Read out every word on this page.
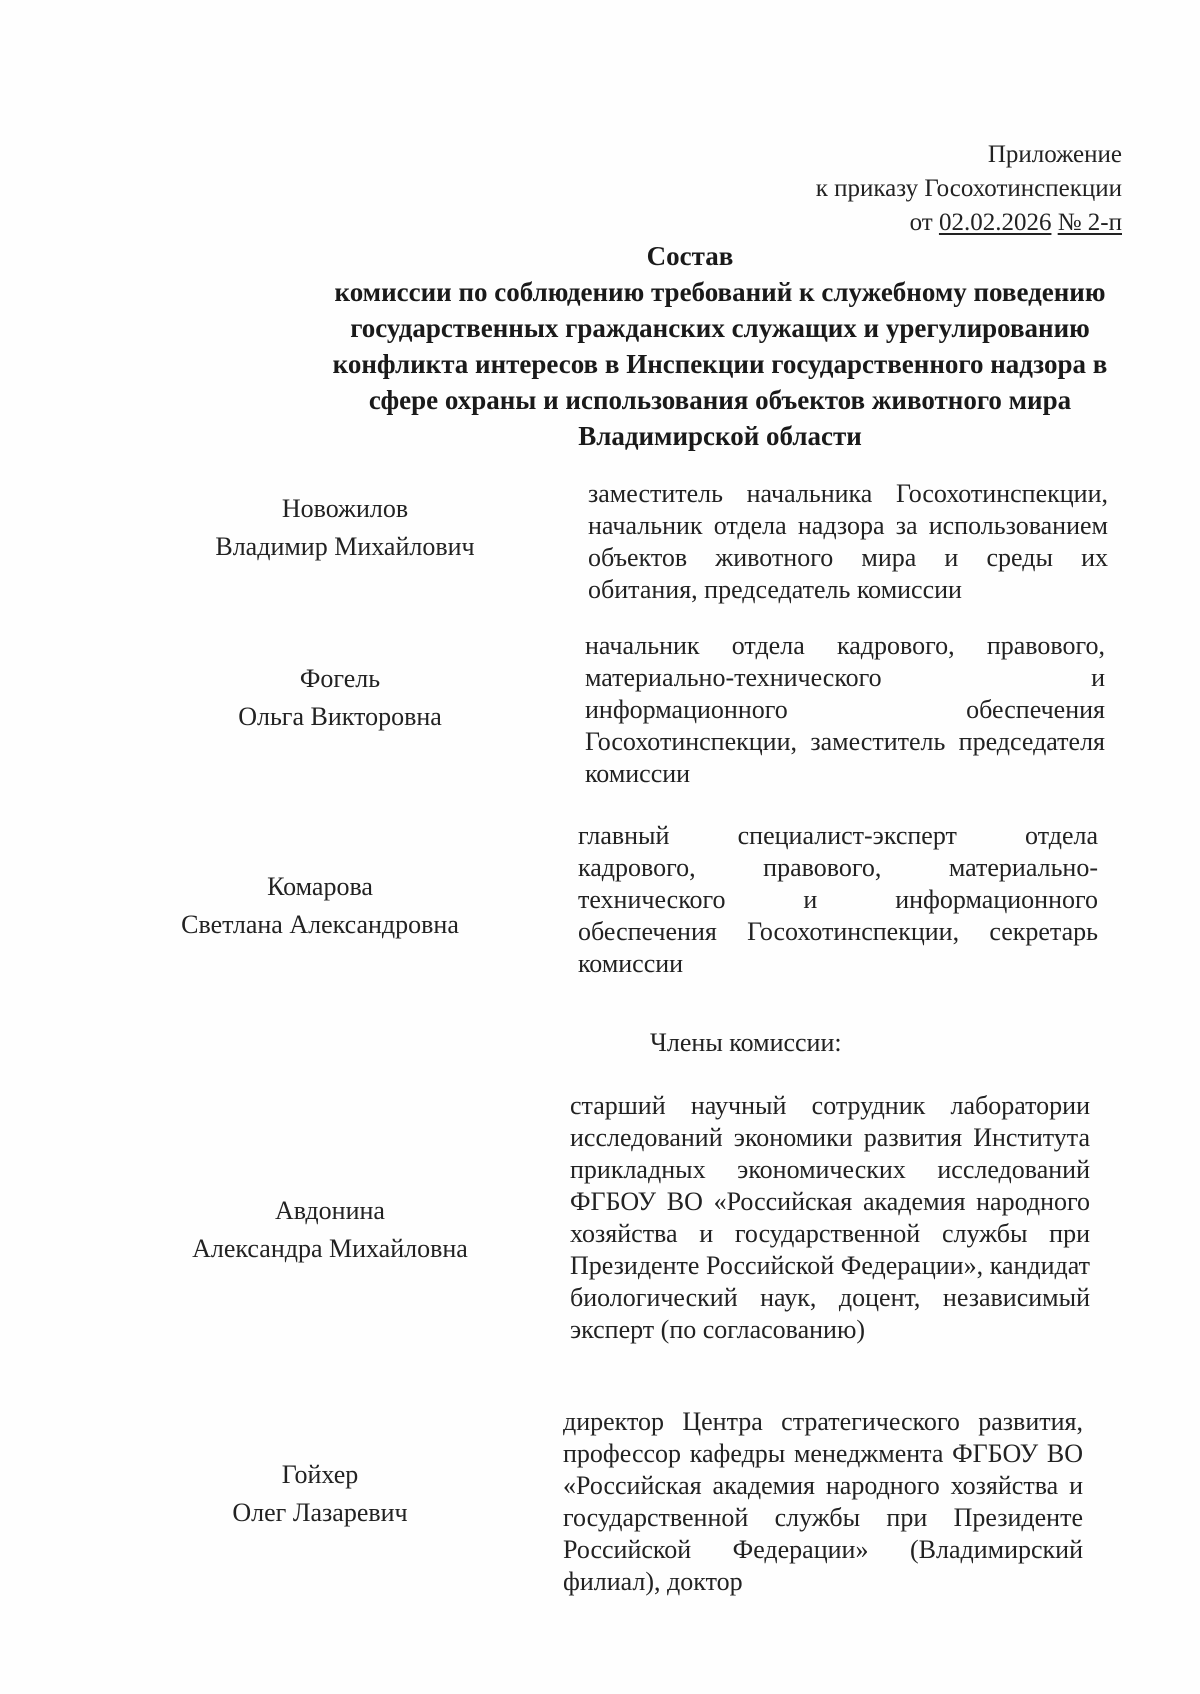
Приложение
к приказу Госохотинспекции
от 02.02.2026 № 2-п
Состав
комиссии по соблюдению требований к служебному поведению
государственных гражданских служащих и урегулированию
конфликта интересов в Инспекции государственного надзора в
сфере охраны и использования объектов животного мира
Владимирской области
Новожилов
Владимир Михайлович
заместитель начальника Госохотинспекции, начальник отдела надзора за использованием объектов животного мира и среды их обитания, председатель комиссии
Фогель
Ольга Викторовна
начальник отдела кадрового, правового, материально-технического и информационного обеспечения Госохотинспекции, заместитель председателя комиссии
Комарова
Светлана Александровна
главный специалист-эксперт отдела кадрового, правового, материально-технического и информационного обеспечения Госохотинспекции, секретарь комиссии
Члены комиссии:
Авдонина
Александра Михайловна
старший научный сотрудник лаборатории исследований экономики развития Института прикладных экономических исследований ФГБОУ ВО «Российская академия народного хозяйства и государственной службы при Президенте Российской Федерации», кандидат биологический наук, доцент, независимый эксперт (по согласованию)
Гойхер
Олег Лазаревич
директор Центра стратегического развития, профессор кафедры менеджмента ФГБОУ ВО «Российская академия народного хозяйства и государственной службы при Президенте Российской Федерации» (Владимирский филиал), доктор
